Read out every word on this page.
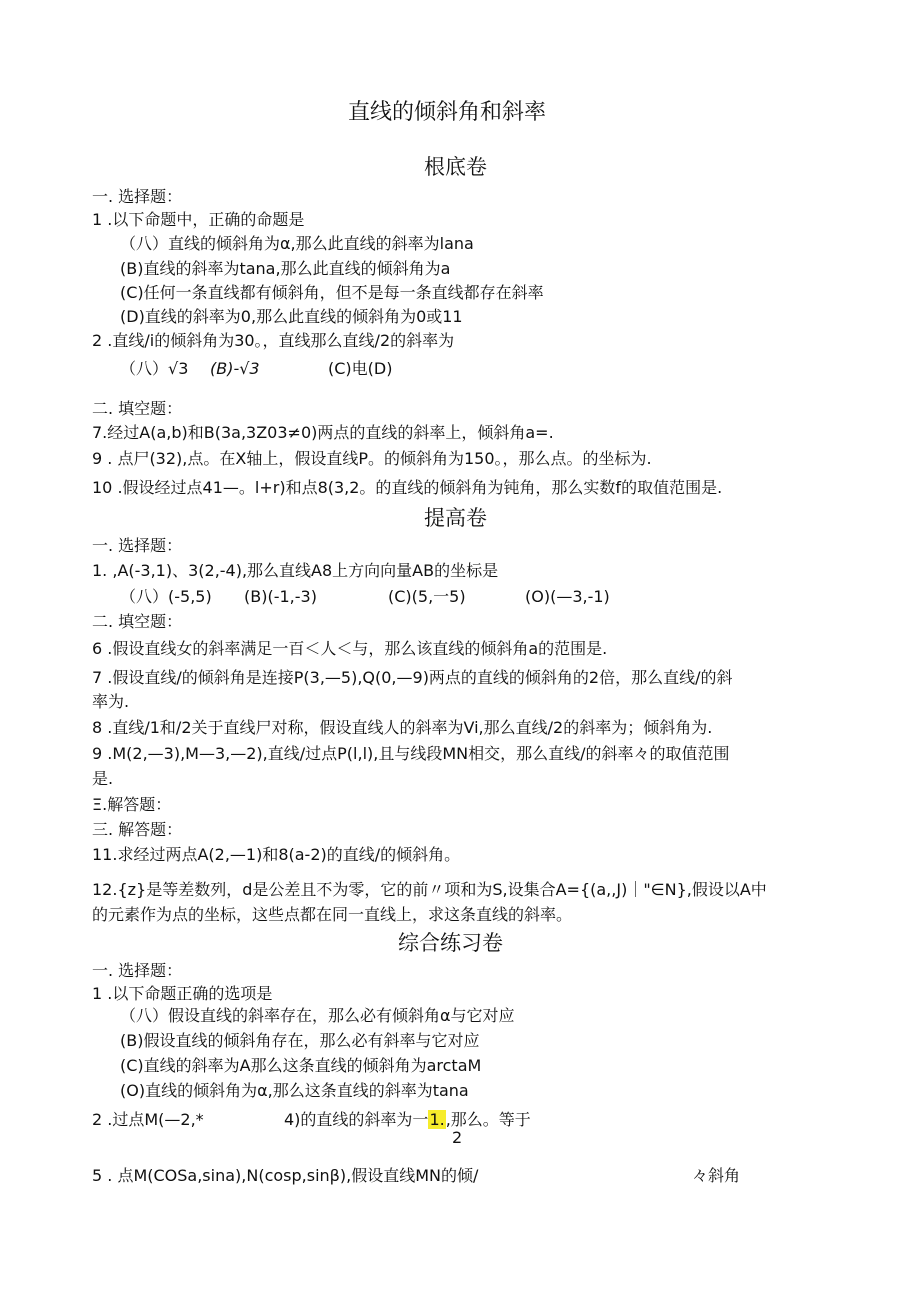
直线的倾斜角和斜率
根底卷
一. 选择题：
1 .以下命题中，正确的命题是
（八）直线的倾斜角为α,那么此直线的斜率为lana
(B)直线的斜率为tana,那么此直线的倾斜角为a
(C)任何一条直线都有倾斜角，但不是每一条直线都存在斜率
(D)直线的斜率为0,那么此直线的倾斜角为0或11
2 .直线/i的倾斜角为30。，直线那么直线/2的斜率为
（八）√3 (B)-√3	(C)电(D)
二. 填空题：
7.经过A(a,b)和B(3a,3Z03≠0)两点的直线的斜率上，倾斜角a=.
9 . 点尸(32),点。在X轴上，假设直线P。的倾斜角为150。，那么点。的坐标为.
10 .假设经过点41—。l+r)和点8(3,2。的直线的倾斜角为钝角，那么实数f的取值范围是.
提高卷
一. 选择题：
1. ,A(-3,1)、3(2,-4),那么直线A8上方向向量AB的坐标是
（八）(-5,5) (B)(-1,-3)	(C)(5,一5)	(O)(—3,-1)
二. 填空题：
6 .假设直线女的斜率满足一百＜人＜与，那么该直线的倾斜角a的范围是.
7 .假设直线/的倾斜角是连接P(3,—5),Q(0,—9)两点的直线的倾斜角的2倍，那么直线/的斜
率为.
8 .直线/1和/2关于直线尸对称，假设直线人的斜率为Vi,那么直线/2的斜率为；倾斜角为.
9 .M(2,—3),M—3,—2),直线/过点P(l,l),且与线段MN相交，那么直线/的斜率々的取值范围
是.
Ξ.解答题：
三. 解答题：
11.求经过两点A(2,—1)和8(a-2)的直线/的倾斜角。
12.{z}是等差数列，d是公差且不为零，它的前〃项和为S,设集合A={(a,,J)｜"∈N},假设以A中
的元素作为点的坐标，这些点都在同一直线上，求这条直线的斜率。
综合练习卷
一. 选择题：
1 .以下命题正确的选项是
（八）假设直线的斜率存在，那么必有倾斜角α与它对应
(B)假设直线的倾斜角存在，那么必有斜率与它对应
(C)直线的斜率为A那么这条直线的倾斜角为arctaM
(O)直线的倾斜角为α,那么这条直线的斜率为tana
2 .过点M(—2,*	4)的直线的斜率为一1.,那么。等于
2
5 . 点M(COSa,sina),N(cosp,sinβ),假设直线MN的倾/	々斜角
